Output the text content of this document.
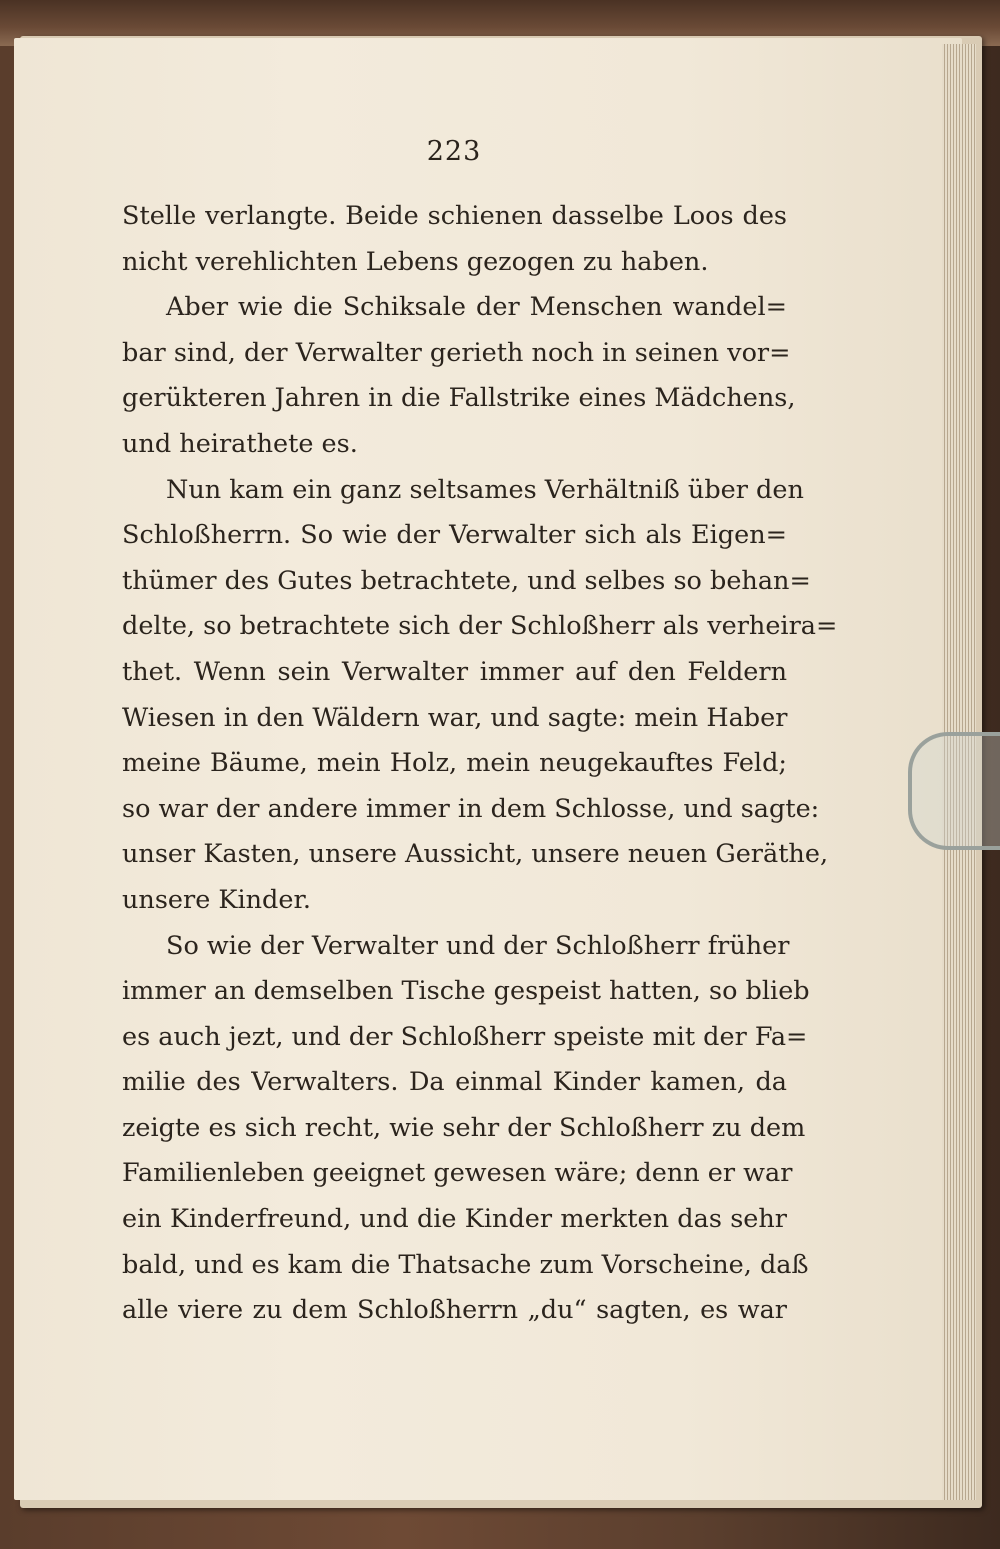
223
Stelle verlangte. Beide schienen dasselbe Loos des
nicht verehlichten Lebens gezogen zu haben.
Aber wie die Schiksale der Menschen wandel=
bar sind, der Verwalter gerieth noch in seinen vor=
gerükteren Jahren in die Fallstrike eines Mädchens,
und heirathete es.
Nun kam ein ganz seltsames Verhältniß über den
Schloßherrn. So wie der Verwalter sich als Eigen=
thümer des Gutes betrachtete, und selbes so behan=
delte, so betrachtete sich der Schloßherr als verheira=
thet. Wenn sein Verwalter immer auf den Feldern
Wiesen in den Wäldern war, und sagte: mein Haber
meine Bäume, mein Holz, mein neugekauftes Feld;
so war der andere immer in dem Schlosse, und sagte:
unser Kasten, unsere Aussicht, unsere neuen Geräthe,
unsere Kinder.
So wie der Verwalter und der Schloßherr früher
immer an demselben Tische gespeist hatten, so blieb
es auch jezt, und der Schloßherr speiste mit der Fa=
milie des Verwalters. Da einmal Kinder kamen, da
zeigte es sich recht, wie sehr der Schloßherr zu dem
Familienleben geeignet gewesen wäre; denn er war
ein Kinderfreund, und die Kinder merkten das sehr
bald, und es kam die Thatsache zum Vorscheine, daß
alle viere zu dem Schloßherrn „du“ sagten, es war
